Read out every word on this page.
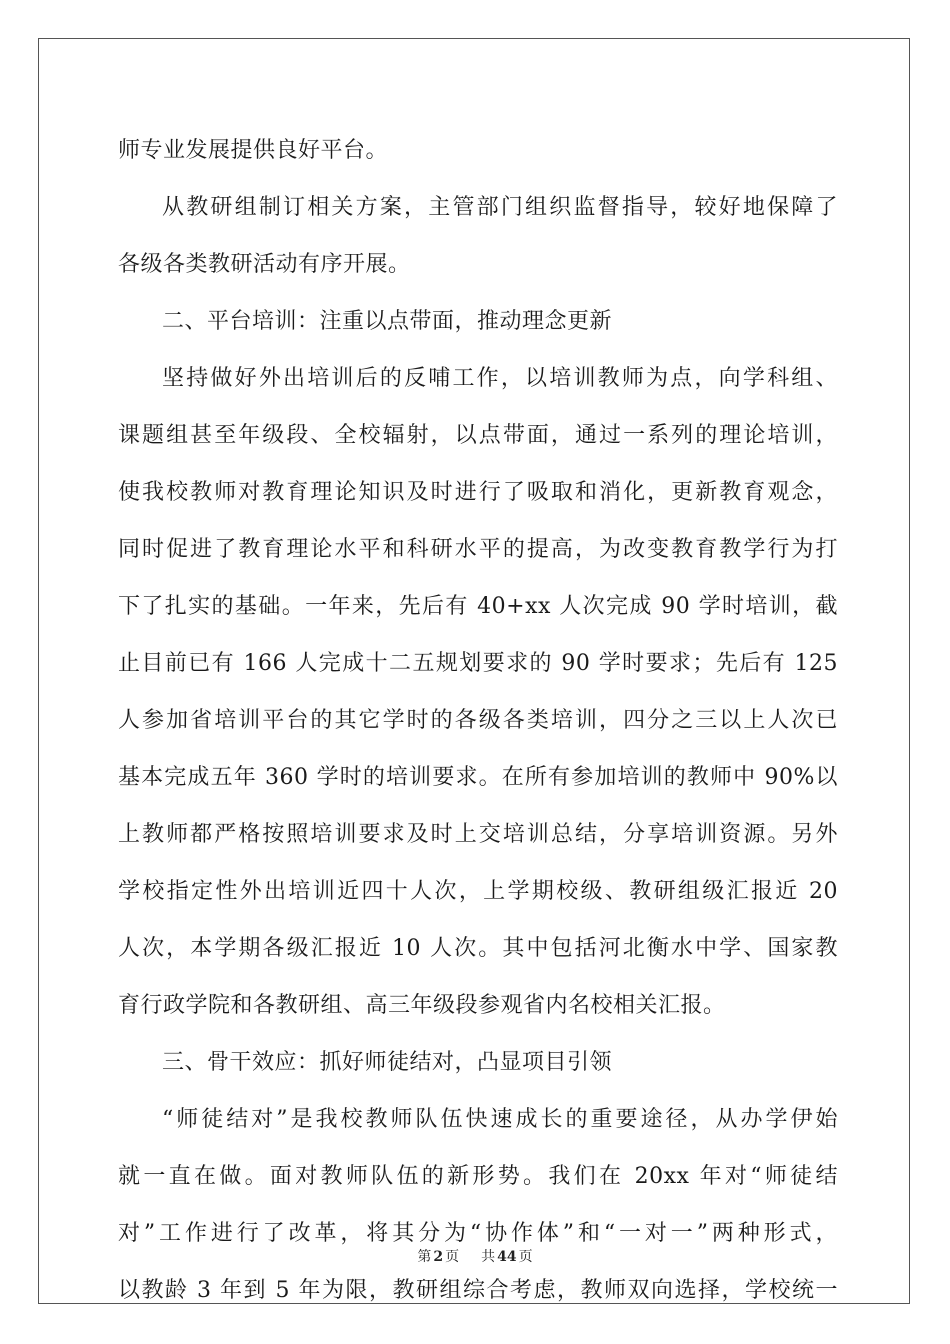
师专业发展提供良好平台。
从教研组制订相关方案，主管部门组织监督指导，较好地保障了
各级各类教研活动有序开展。
二、平台培训：注重以点带面，推动理念更新
坚持做好外出培训后的反哺工作，以培训教师为点，向学科组、
课题组甚至年级段、全校辐射，以点带面，通过一系列的理论培训，
使我校教师对教育理论知识及时进行了吸取和消化，更新教育观念，
同时促进了教育理论水平和科研水平的提高，为改变教育教学行为打
下了扎实的基础。一年来，先后有 40+xx 人次完成 90 学时培训，截
止目前已有 166 人完成十二五规划要求的 90 学时要求；先后有 125
人参加省培训平台的其它学时的各级各类培训，四分之三以上人次已
基本完成五年 360 学时的培训要求。在所有参加培训的教师中 90%以
上教师都严格按照培训要求及时上交培训总结，分享培训资源。另外
学校指定性外出培训近四十人次，上学期校级、教研组级汇报近 20
人次，本学期各级汇报近 10 人次。其中包括河北衡水中学、国家教
育行政学院和各教研组、高三年级段参观省内名校相关汇报。
三、骨干效应：抓好师徒结对，凸显项目引领
“师徒结对”是我校教师队伍快速成长的重要途径，从办学伊始
就一直在做。面对教师队伍的新形势。我们在 20xx 年对“师徒结
对”工作进行了改革，将其分为“协作体”和“一对一”两种形式，
以教龄 3 年到 5 年为限，教研组综合考虑，教师双向选择，学校统一
第 2 页 共 44 页
